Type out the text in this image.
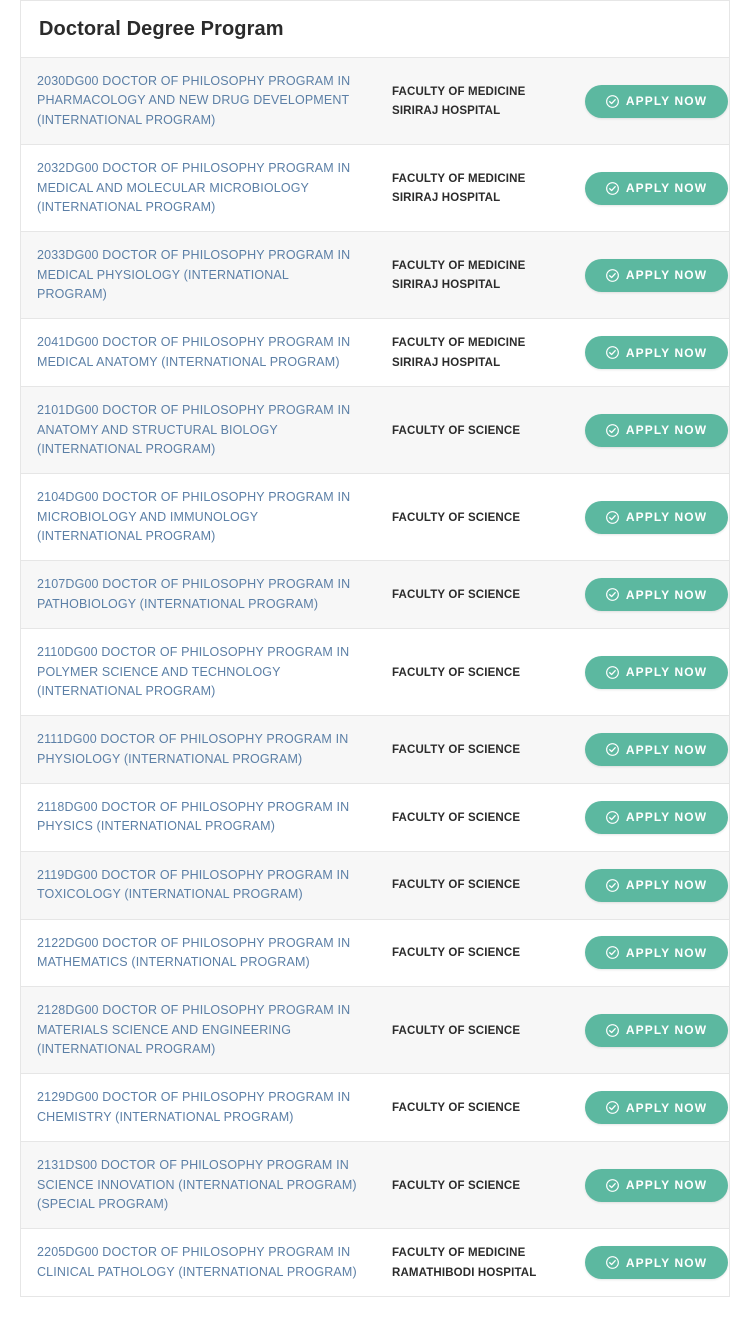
Doctoral Degree Program
2030DG00 DOCTOR OF PHILOSOPHY PROGRAM IN PHARMACOLOGY AND NEW DRUG DEVELOPMENT (INTERNATIONAL PROGRAM)	FACULTY OF MEDICINE SIRIRAJ HOSPITAL	APPLY NOW

2032DG00 DOCTOR OF PHILOSOPHY PROGRAM IN MEDICAL AND MOLECULAR MICROBIOLOGY (INTERNATIONAL PROGRAM)	FACULTY OF MEDICINE SIRIRAJ HOSPITAL	APPLY NOW

2033DG00 DOCTOR OF PHILOSOPHY PROGRAM IN MEDICAL PHYSIOLOGY (INTERNATIONAL PROGRAM)	FACULTY OF MEDICINE SIRIRAJ HOSPITAL	APPLY NOW

2041DG00 DOCTOR OF PHILOSOPHY PROGRAM IN MEDICAL ANATOMY (INTERNATIONAL PROGRAM)	FACULTY OF MEDICINE SIRIRAJ HOSPITAL	APPLY NOW

2101DG00 DOCTOR OF PHILOSOPHY PROGRAM IN ANATOMY AND STRUCTURAL BIOLOGY (INTERNATIONAL PROGRAM)	FACULTY OF SCIENCE	APPLY NOW

2104DG00 DOCTOR OF PHILOSOPHY PROGRAM IN MICROBIOLOGY AND IMMUNOLOGY (INTERNATIONAL PROGRAM)	FACULTY OF SCIENCE	APPLY NOW

2107DG00 DOCTOR OF PHILOSOPHY PROGRAM IN PATHOBIOLOGY (INTERNATIONAL PROGRAM)	FACULTY OF SCIENCE	APPLY NOW

2110DG00 DOCTOR OF PHILOSOPHY PROGRAM IN POLYMER SCIENCE AND TECHNOLOGY (INTERNATIONAL PROGRAM)	FACULTY OF SCIENCE	APPLY NOW

2111DG00 DOCTOR OF PHILOSOPHY PROGRAM IN PHYSIOLOGY (INTERNATIONAL PROGRAM)	FACULTY OF SCIENCE	APPLY NOW

2118DG00 DOCTOR OF PHILOSOPHY PROGRAM IN PHYSICS (INTERNATIONAL PROGRAM)	FACULTY OF SCIENCE	APPLY NOW

2119DG00 DOCTOR OF PHILOSOPHY PROGRAM IN TOXICOLOGY (INTERNATIONAL PROGRAM)	FACULTY OF SCIENCE	APPLY NOW

2122DG00 DOCTOR OF PHILOSOPHY PROGRAM IN MATHEMATICS (INTERNATIONAL PROGRAM)	FACULTY OF SCIENCE	APPLY NOW

2128DG00 DOCTOR OF PHILOSOPHY PROGRAM IN MATERIALS SCIENCE AND ENGINEERING (INTERNATIONAL PROGRAM)	FACULTY OF SCIENCE	APPLY NOW

2129DG00 DOCTOR OF PHILOSOPHY PROGRAM IN CHEMISTRY (INTERNATIONAL PROGRAM)	FACULTY OF SCIENCE	APPLY NOW

2131DS00 DOCTOR OF PHILOSOPHY PROGRAM IN SCIENCE INNOVATION (INTERNATIONAL PROGRAM) (SPECIAL PROGRAM)	FACULTY OF SCIENCE	APPLY NOW

2205DG00 DOCTOR OF PHILOSOPHY PROGRAM IN CLINICAL PATHOLOGY (INTERNATIONAL PROGRAM)	FACULTY OF MEDICINE RAMATHIBODI HOSPITAL	APPLY NOW
